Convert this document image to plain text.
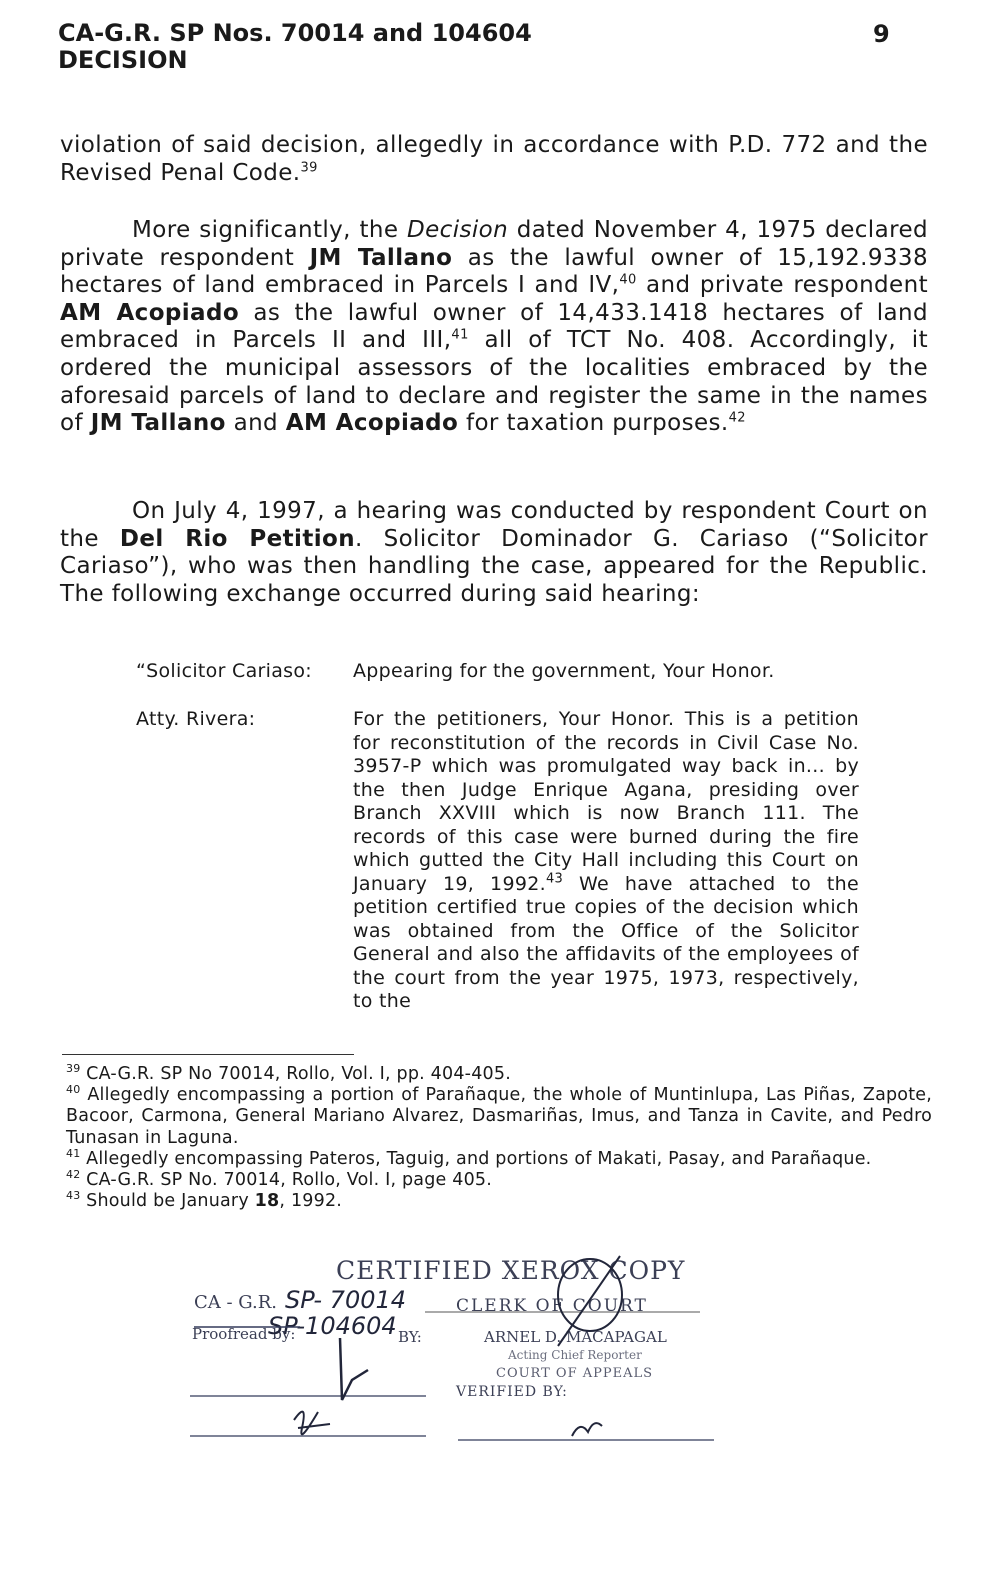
CA-G.R. SP Nos. 70014 and 104604
DECISION
9

violation of said decision, allegedly in accordance with P.D. 772 and the Revised Penal Code.$^{39}$

More significantly, the Decision dated November 4, 1975 declared private respondent JM Tallano as the lawful owner of 15,192.9338 hectares of land embraced in Parcels I and IV,$^{40}$ and private respondent AM Acopiado as the lawful owner of 14,433.1418 hectares of land embraced in Parcels II and III,$^{41}$ all of TCT No. 408. Accordingly, it ordered the municipal assessors of the localities embraced by the aforesaid parcels of land to declare and register the same in the names of JM Tallano and AM Acopiado for taxation purposes.$^{42}$

On July 4, 1997, a hearing was conducted by respondent Court on the Del Rio Petition. Solicitor Dominador G. Cariaso (“Solicitor Cariaso”), who was then handling the case, appeared for the Republic. The following exchange occurred during said hearing:

“Solicitor Cariaso: Appearing for the government, Your Honor.
Atty. Rivera:	For the petitioners, Your Honor. This is a petition for reconstitution of the records in Civil Case No. 3957-P which was promulgated way back in... by the then Judge Enrique Agana, presiding over Branch XXVIII which is now Branch 111. The records of this case were burned during the fire which gutted the City Hall including this Court on January 19, 1992.43 We have attached to the petition certified true copies of the decision which was obtained from the Office of the Solicitor General and also the affidavits of the employees of the court from the year 1975, 1973, respectively, to the

$^{39}$ CA-G.R. SP No 70014, Rollo, Vol. I, pp. 404-405.

$^{40}$ Allegedly encompassing a portion of Parañaque, the whole of Muntinlupa, Las Piñas, Zapote, Bacoor, Carmona, General Mariano Alvarez, Dasmariñas, Imus, and Tanza in Cavite, and Pedro Tunasan in Laguna.

$^{41}$ Allegedly encompassing Pateros, Taguig, and portions of Makati, Pasay, and Parañaque.

$^{42}$ CA-G.R. SP No. 70014, Rollo, Vol. I, page 405.

$^{43}$ Should be January 18, 1992.

CERTIFIED XEROX COPY
CA - G.R. SP- 70014	CLERK OF COURT
Proofread by:
SP-104604 BY:	ARNEL D. MACAPAGAL
Acting Chief Reporter
COURT OF APPEALS
VERIFIED BY:
